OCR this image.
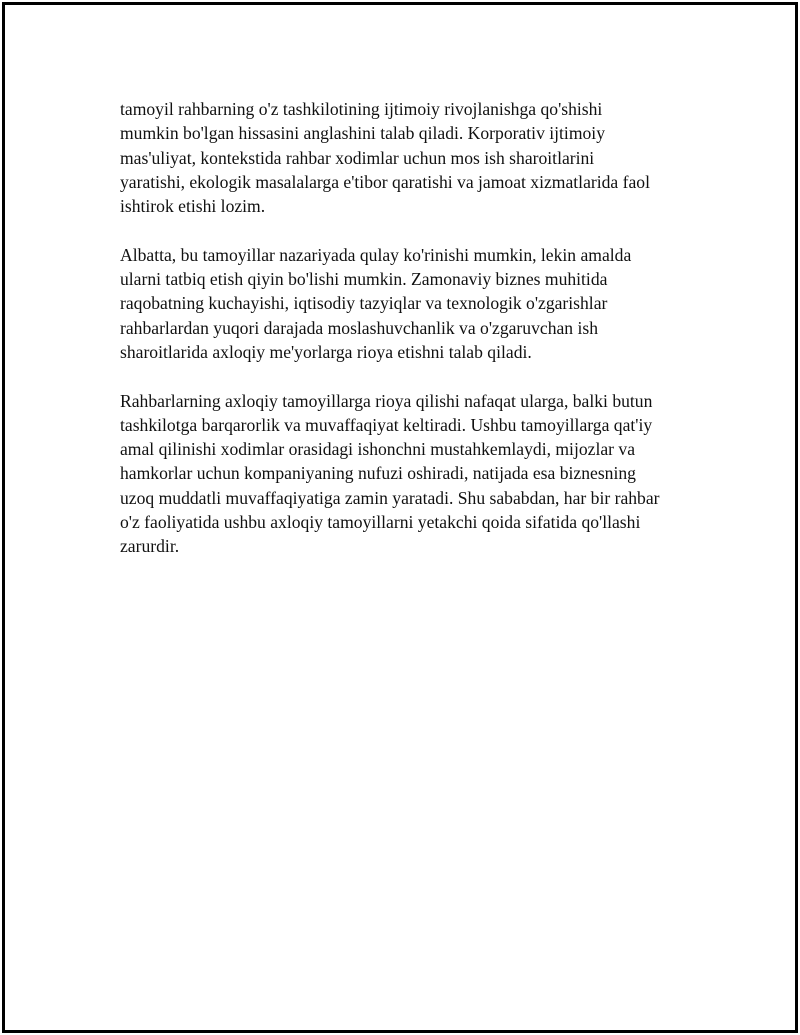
tamoyil rahbarning o'z tashkilotining ijtimoiy rivojlanishga qo'shishi
mumkin bo'lgan hissasini anglashini talab qiladi. Korporativ ijtimoiy
mas'uliyat, kontekstida rahbar xodimlar uchun mos ish sharoitlarini
yaratishi, ekologik masalalarga e'tibor qaratishi va jamoat xizmatlarida faol
ishtirok etishi lozim.

Albatta, bu tamoyillar nazariyada qulay ko'rinishi mumkin, lekin amalda
ularni tatbiq etish qiyin bo'lishi mumkin. Zamonaviy biznes muhitida
raqobatning kuchayishi, iqtisodiy tazyiqlar va texnologik o'zgarishlar
rahbarlardan yuqori darajada moslashuvchanlik va o'zgaruvchan ish
sharoitlarida axloqiy me'yorlarga rioya etishni talab qiladi.

Rahbarlarning axloqiy tamoyillarga rioya qilishi nafaqat ularga, balki butun
tashkilotga barqarorlik va muvaffaqiyat keltiradi. Ushbu tamoyillarga qat'iy
amal qilinishi xodimlar orasidagi ishonchni mustahkemlaydi, mijozlar va
hamkorlar uchun kompaniyaning nufuzi oshiradi, natijada esa biznesning
uzoq muddatli muvaffaqiyatiga zamin yaratadi. Shu sababdan, har bir rahbar
o'z faoliyatida ushbu axloqiy tamoyillarni yetakchi qoida sifatida qo'llashi
zarurdir.
